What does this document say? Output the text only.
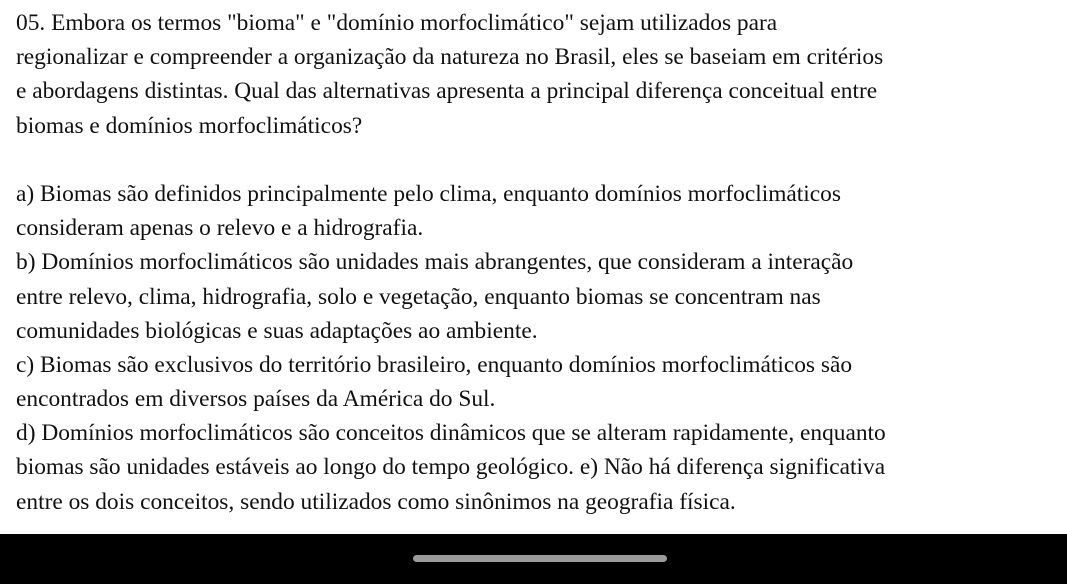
05. Embora os termos "bioma" e "domínio morfoclimático" sejam utilizados para
regionalizar e compreender a organização da natureza no Brasil, eles se baseiam em critérios
e abordagens distintas. Qual das alternativas apresenta a principal diferença conceitual entre
biomas e domínios morfoclimáticos?
a) Biomas são definidos principalmente pelo clima, enquanto domínios morfoclimáticos
consideram apenas o relevo e a hidrografia.
b) Domínios morfoclimáticos são unidades mais abrangentes, que consideram a interação
entre relevo, clima, hidrografia, solo e vegetação, enquanto biomas se concentram nas
comunidades biológicas e suas adaptações ao ambiente.
c) Biomas são exclusivos do território brasileiro, enquanto domínios morfoclimáticos são
encontrados em diversos países da América do Sul.
d) Domínios morfoclimáticos são conceitos dinâmicos que se alteram rapidamente, enquanto
biomas são unidades estáveis ao longo do tempo geológico. e) Não há diferença significativa
entre os dois conceitos, sendo utilizados como sinônimos na geografia física.
